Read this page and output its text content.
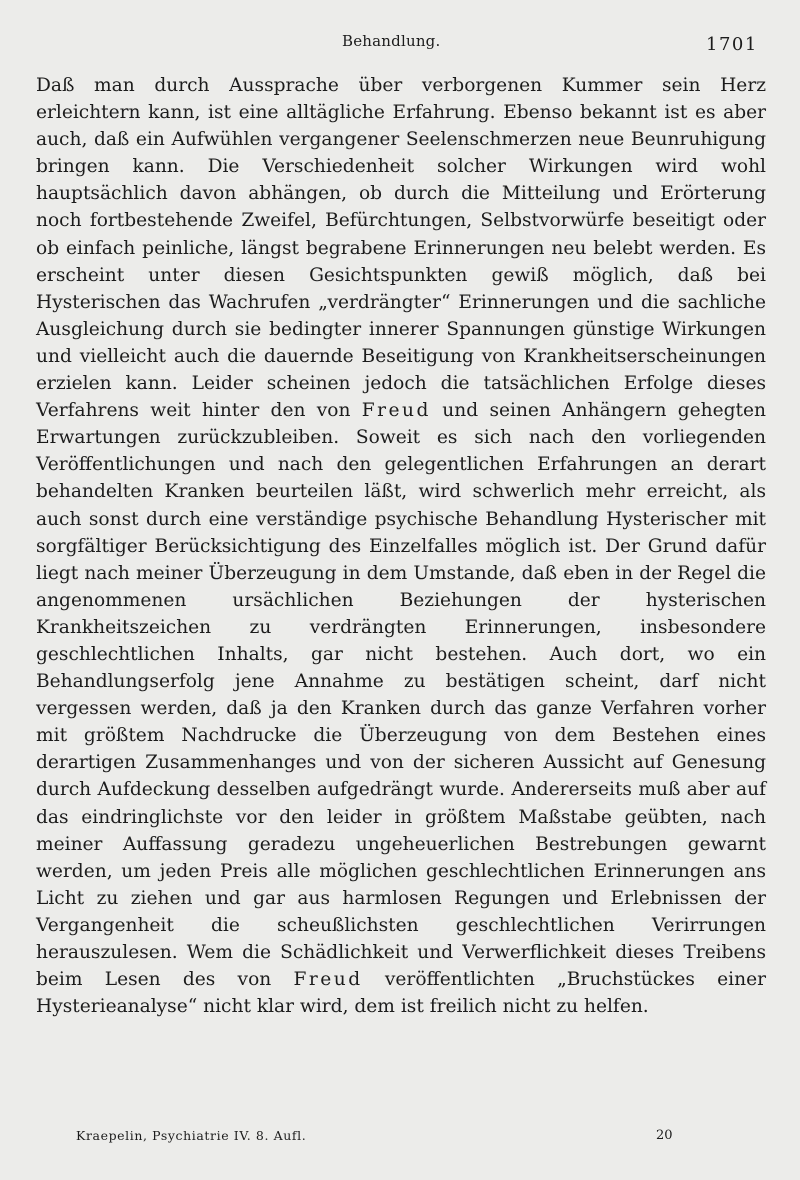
Behandlung.	1701

Daß man durch Aussprache über verborgenen Kummer sein Herz erleichtern kann, ist eine alltägliche Erfahrung. Ebenso bekannt ist es aber auch, daß ein Aufwühlen vergangener Seelenschmerzen neue Beunruhigung bringen kann. Die Verschiedenheit solcher Wirkungen wird wohl hauptsächlich davon abhängen, ob durch die Mitteilung und Erörterung noch fortbestehende Zweifel, Befürchtungen, Selbstvorwürfe beseitigt oder ob einfach peinliche, längst begrabene Erinnerungen neu belebt werden. Es erscheint unter diesen Gesichtspunkten gewiß möglich, daß bei Hysterischen das Wachrufen „verdrängter“ Erinnerungen und die sachliche Ausgleichung durch sie bedingter innerer Spannungen günstige Wirkungen und vielleicht auch die dauernde Beseitigung von Krankheitserscheinungen erzielen kann. Leider scheinen jedoch die tatsächlichen Erfolge dieses Verfahrens weit hinter den von Freud und seinen Anhängern gehegten Erwartungen zurückzubleiben. Soweit es sich nach den vorliegenden Veröffentlichungen und nach den gelegentlichen Erfahrungen an derart behandelten Kranken beurteilen läßt, wird schwerlich mehr erreicht, als auch sonst durch eine verständige psychische Behandlung Hysterischer mit sorgfältiger Berücksichtigung des Einzelfalles möglich ist. Der Grund dafür liegt nach meiner Überzeugung in dem Umstande, daß eben in der Regel die angenommenen ursächlichen Beziehungen der hysterischen Krankheitszeichen zu verdrängten Erinnerungen, insbesondere geschlechtlichen Inhalts, gar nicht bestehen. Auch dort, wo ein Behandlungserfolg jene Annahme zu bestätigen scheint, darf nicht vergessen werden, daß ja den Kranken durch das ganze Verfahren vorher mit größtem Nachdrucke die Überzeugung von dem Bestehen eines derartigen Zusammenhanges und von der sicheren Aussicht auf Genesung durch Aufdeckung desselben aufgedrängt wurde. Andererseits muß aber auf das eindringlichste vor den leider in größtem Maßstabe geübten, nach meiner Auffassung geradezu ungeheuerlichen Bestrebungen gewarnt werden, um jeden Preis alle möglichen geschlechtlichen Erinnerungen ans Licht zu ziehen und gar aus harmlosen Regungen und Erlebnissen der Vergangenheit die scheußlichsten geschlechtlichen Verirrungen herauszulesen. Wem die Schädlichkeit und Verwerflichkeit dieses Treibens beim Lesen des von Freud veröffentlichten „Bruchstückes einer Hysterieanalyse“ nicht klar wird, dem ist freilich nicht zu helfen.

Kraepelin, Psychiatrie IV. 8. Aufl.	20
